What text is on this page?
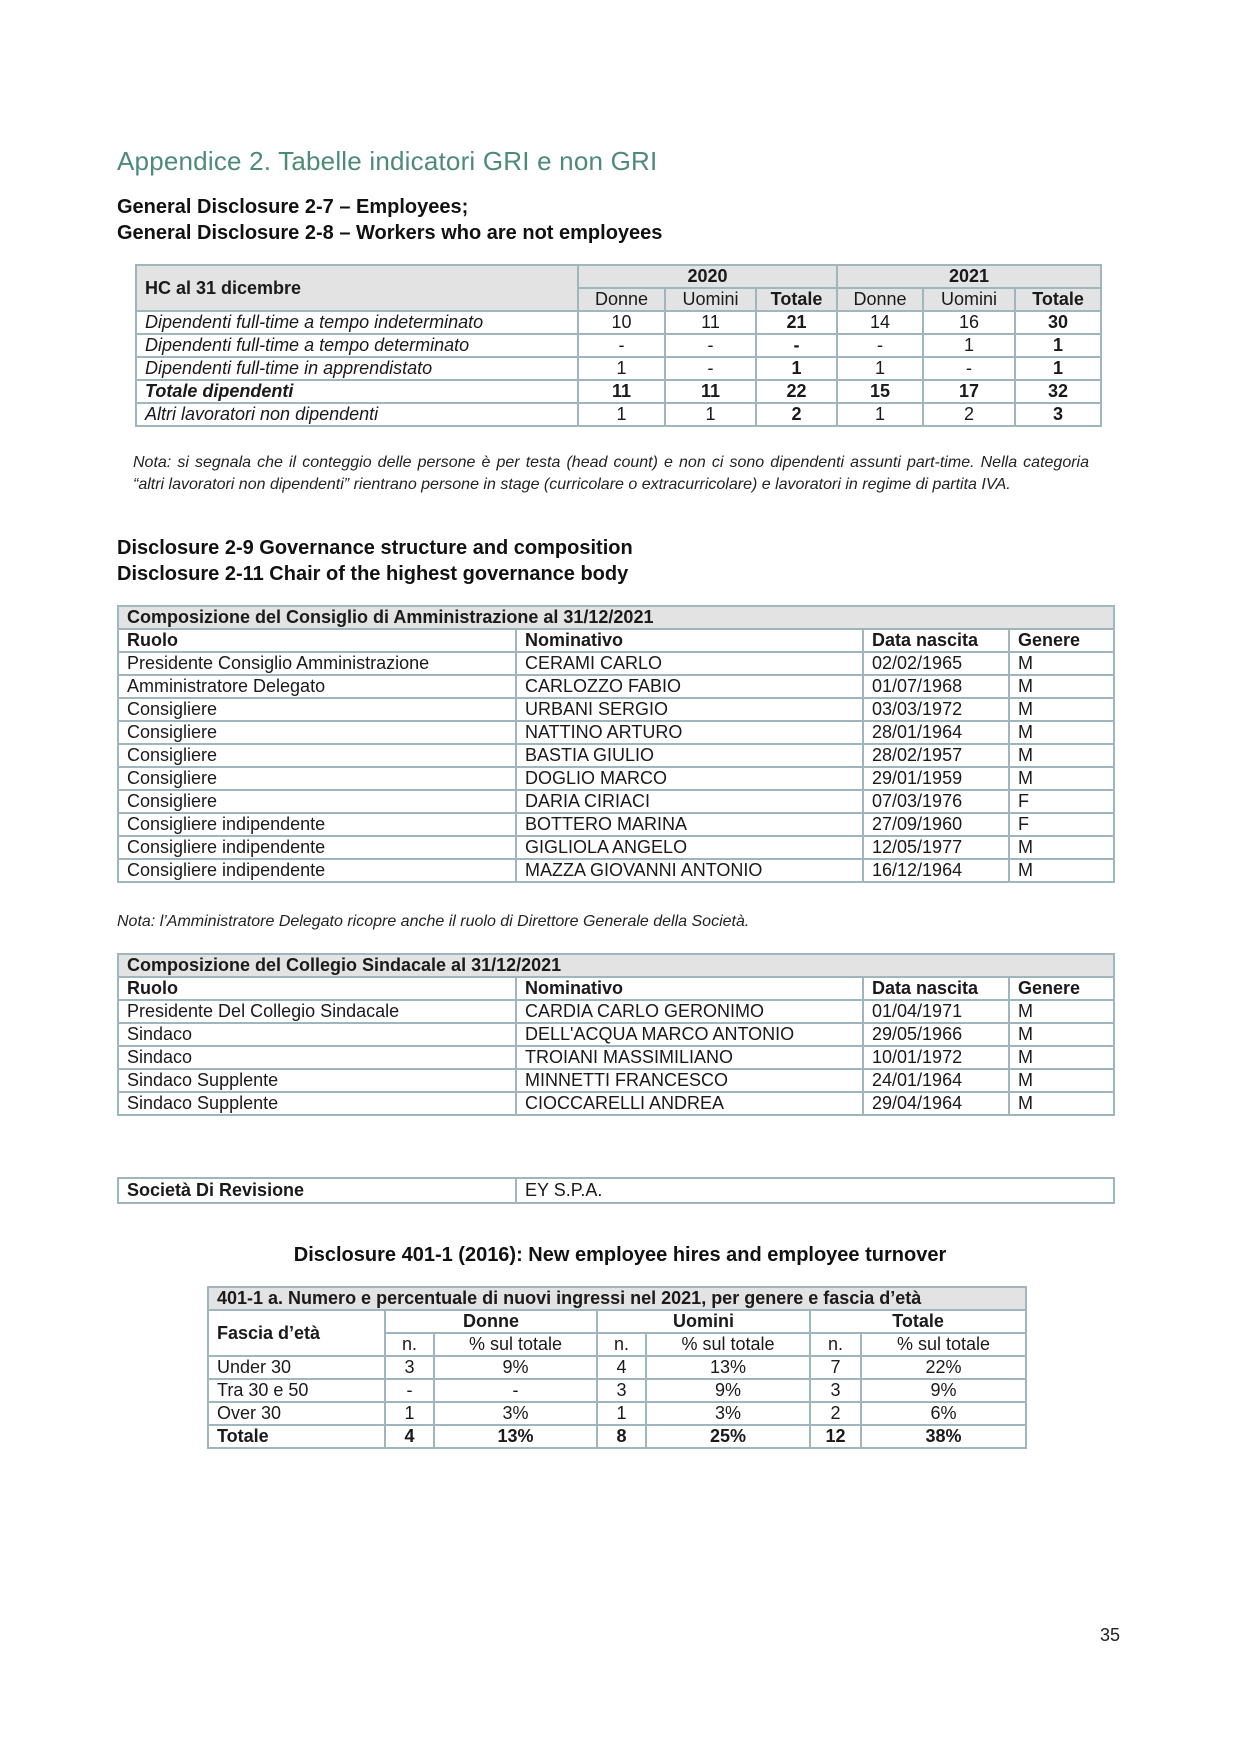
Appendice 2. Tabelle indicatori GRI e non GRI
General Disclosure 2-7 – Employees;
General Disclosure 2-8 – Workers who are not employees
HC al 31 dicembre	2020			2021		
	Donne	Uomini	Totale	Donne	Uomini	Totale
Dipendenti full-time a tempo indeterminato	10	11	21	14	16	30
Dipendenti full-time a tempo determinato	-	-	-	-	1	1
Dipendenti full-time in apprendistato	1	-	1	1	-	1
Totale dipendenti	11	11	22	15	17	32
Altri lavoratori non dipendenti	1	1	2	1	2	3
Nota: si segnala che il conteggio delle persone è per testa (head count) e non ci sono dipendenti assunti part-time. Nella categoria “altri lavoratori non dipendenti” rientrano persone in stage (curricolare o extracurricolare) e lavoratori in regime di partita IVA.
Disclosure 2-9 Governance structure and composition
Disclosure 2-11 Chair of the highest governance body
Composizione del Consiglio di Amministrazione al 31/12/2021			
Ruolo	Nominativo	Data nascita	Genere
Presidente Consiglio Amministrazione	CERAMI CARLO	02/02/1965	M
Amministratore Delegato	CARLOZZO FABIO	01/07/1968	M
Consigliere	URBANI SERGIO	03/03/1972	M
Consigliere	NATTINO ARTURO	28/01/1964	M
Consigliere	BASTIA GIULIO	28/02/1957	M
Consigliere	DOGLIO MARCO	29/01/1959	M
Consigliere	DARIA CIRIACI	07/03/1976	F
Consigliere indipendente	BOTTERO MARINA	27/09/1960	F
Consigliere indipendente	GIGLIOLA ANGELO	12/05/1977	M
Consigliere indipendente	MAZZA GIOVANNI ANTONIO	16/12/1964	M
Nota: l’Amministratore Delegato ricopre anche il ruolo di Direttore Generale della Società.
Composizione del Collegio Sindacale al 31/12/2021			
Ruolo	Nominativo	Data nascita	Genere
Presidente Del Collegio Sindacale	CARDIA CARLO GERONIMO	01/04/1971	M
Sindaco	DELL'ACQUA MARCO ANTONIO	29/05/1966	M
Sindaco	TROIANI MASSIMILIANO	10/01/1972	M
Sindaco Supplente	MINNETTI FRANCESCO	24/01/1964	M
Sindaco Supplente	CIOCCARELLI ANDREA	29/04/1964	M
Società Di Revisione	EY S.P.A.
Disclosure 401-1 (2016): New employee hires and employee turnover
401-1 a. Numero e percentuale di nuovi ingressi nel 2021, per genere e fascia d’età						
Fascia d’età	Donne		Uomini		Totale	
	n.	% sul totale	n.	% sul totale	n.	% sul totale
Under 30	3	9%	4	13%	7	22%
Tra 30 e 50	-	-	3	9%	3	9%
Over 30	1	3%	1	3%	2	6%
Totale	4	13%	8	25%	12	38%
35
